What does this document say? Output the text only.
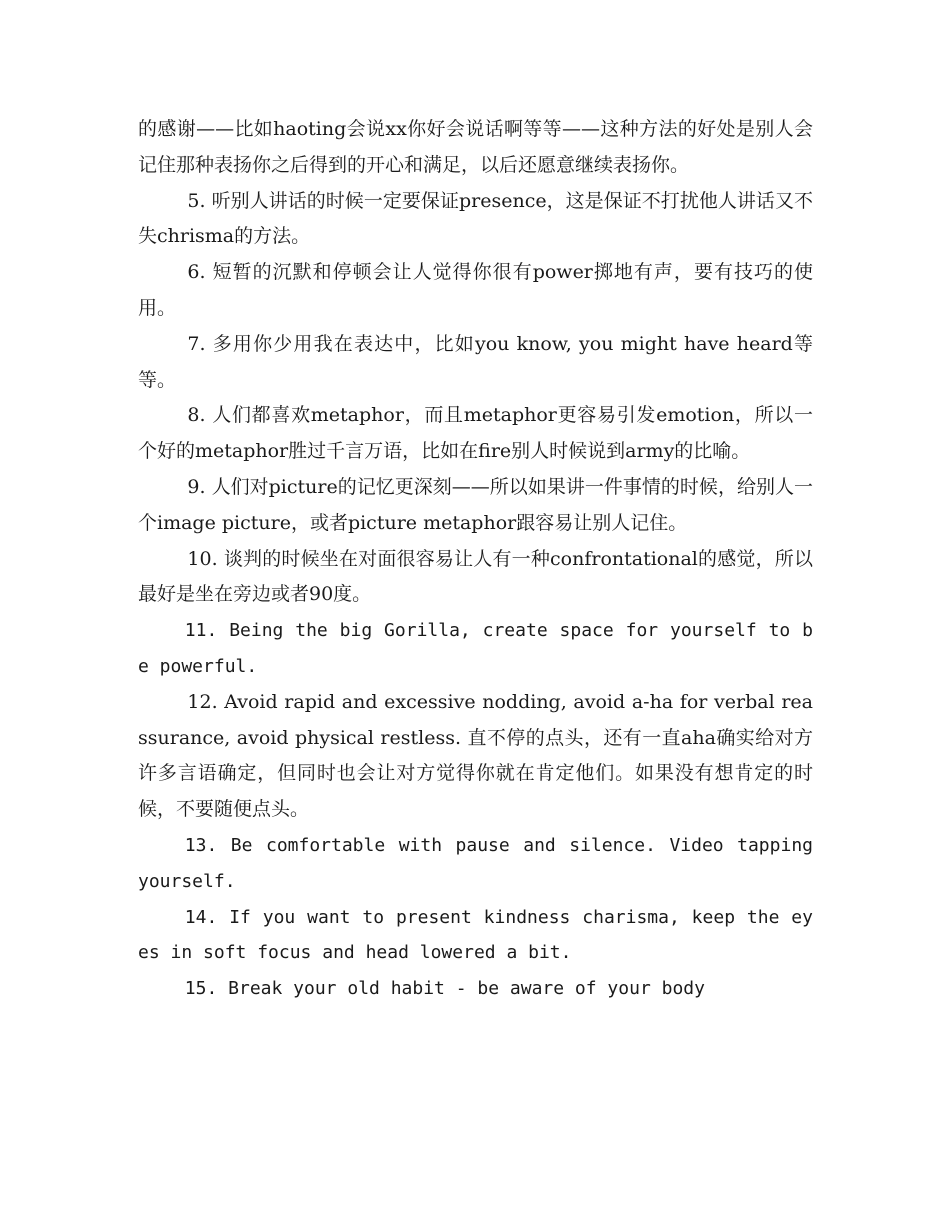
的感谢——比如haoting会说xx你好会说话啊等等——这种方法的好处是别人会记住那种表扬你之后得到的开心和满足，以后还愿意继续表扬你。

5. 听别人讲话的时候一定要保证presence，这是保证不打扰他人讲话又不失chrisma的方法。

6. 短暂的沉默和停顿会让人觉得你很有power掷地有声，要有技巧的使用。

7. 多用你少用我在表达中，比如you know, you might have heard等等。

8. 人们都喜欢metaphor，而且metaphor更容易引发emotion，所以一个好的metaphor胜过千言万语，比如在fire别人时候说到army的比喻。

9. 人们对picture的记忆更深刻——所以如果讲一件事情的时候，给别人一个image picture，或者picture metaphor跟容易让别人记住。

10. 谈判的时候坐在对面很容易让人有一种confrontational的感觉，所以最好是坐在旁边或者90度。

11. Being the big Gorilla, create space for yourself to be powerful.

12. Avoid rapid and excessive nodding, avoid a-ha for verbal reassurance, avoid physical restless. 直不停的点头，还有一直aha确实给对方许多言语确定，但同时也会让对方觉得你就在肯定他们。如果没有想肯定的时候，不要随便点头。

13. Be comfortable with pause and silence. Video tapping yourself.

14. If you want to present kindness charisma, keep the eyes in soft focus and head lowered a bit.

15. Break your old habit - be aware of your body
